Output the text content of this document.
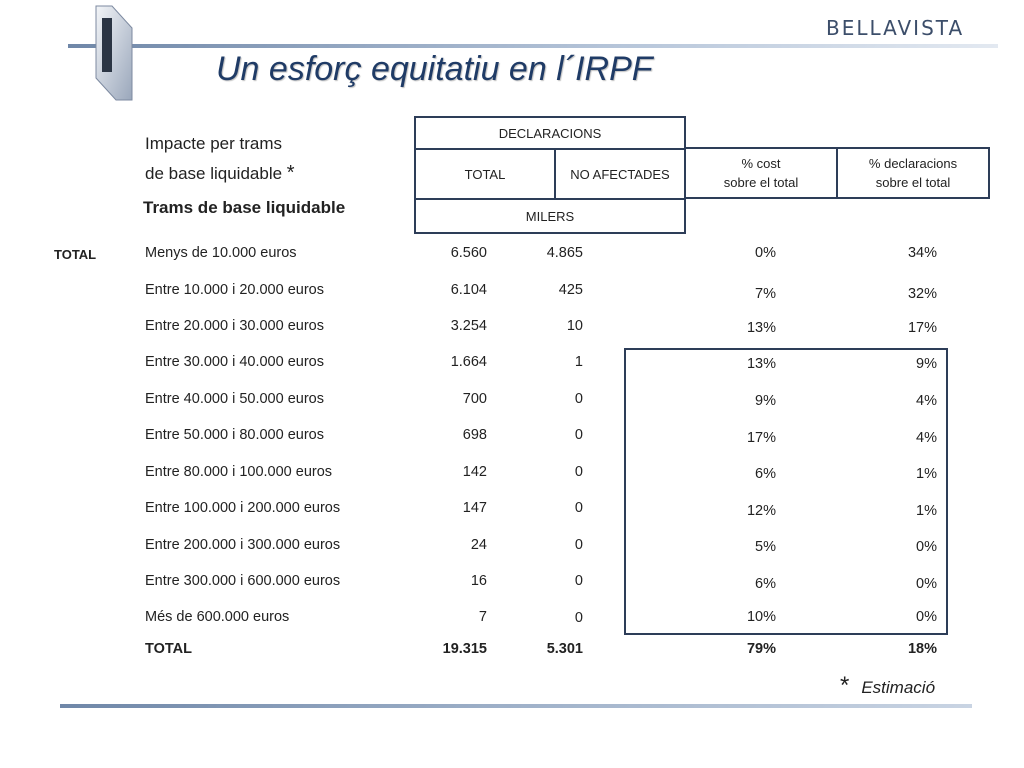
BELLAVISTA
Un esforç equitatiu en l´IRPF
Impacte per trams
de base liquidable *
Trams de base liquidable
DECLARACIONS
TOTAL	NO AFECTADES
MILERS
% cost
sobre el total
% declaracions
sobre el total
TOTAL	Menys de 10.000 euros	6.560	4.865	0%	34%
Entre 10.000 i 20.000 euros	6.104	425	7%	32%
Entre 20.000 i 30.000 euros	3.254	10	13%	17%
Entre 30.000 i 40.000 euros	1.664	1	13%	9%
Entre 40.000 i 50.000 euros	700	0	9%	4%
Entre 50.000 i 80.000 euros	698	0	17%	4%
Entre 80.000 i 100.000 euros	142	0	6%	1%
Entre 100.000 i 200.000 euros	147	0	12%	1%
Entre 200.000 i 300.000 euros	24	0	5%	0%
Entre 300.000 i 600.000 euros	16	0	6%	0%
Més de 600.000 euros	7	0	10%	0%
TOTAL	19.315	5.301	79%	18%
* Estimació
